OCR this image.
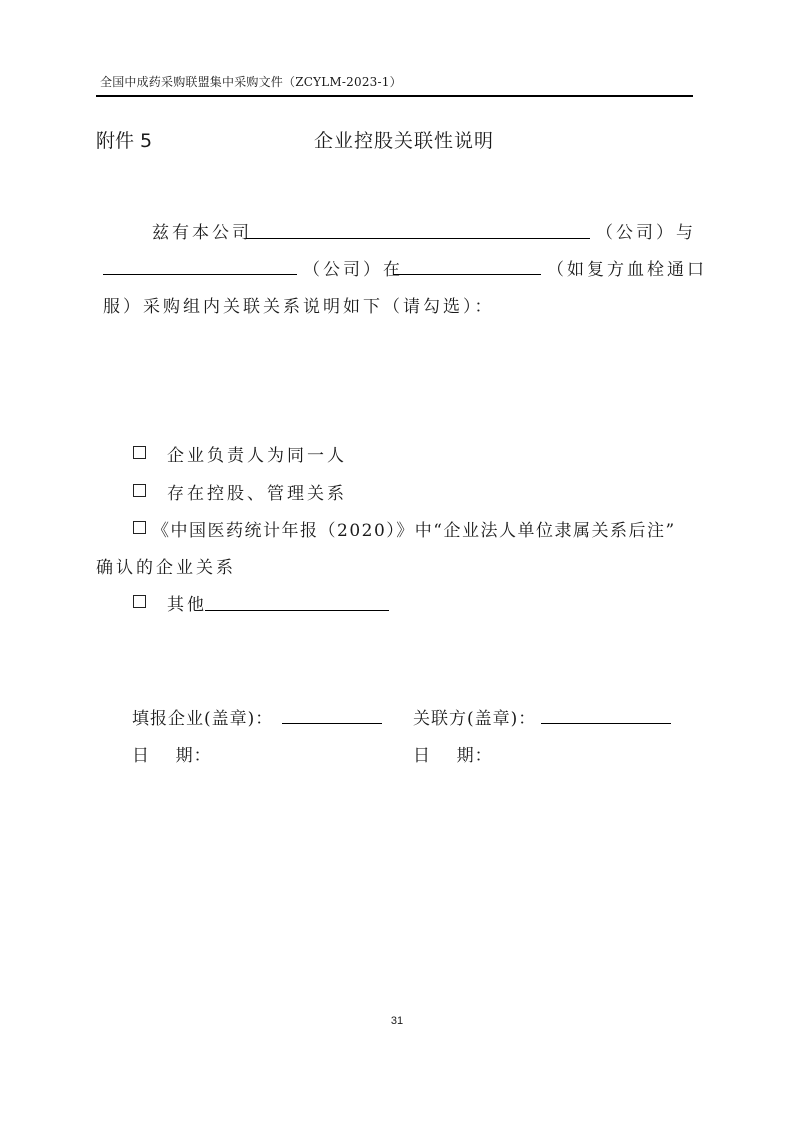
全国中成药采购联盟集中采购文件（ZCYLM-2023-1）
附件 5	企业控股关联性说明
兹有本公司	（公司）与
（公司）在	（如复方血栓通口
服）采购组内关联关系说明如下（请勾选）：
企业负责人为同一人
存在控股、管理关系
《中国医药统计年报（2020）》中“企业法人单位隶属关系后注”
确认的企业关系
其他
填报企业(盖章)：	关联方(盖章)：
日    期：	日    期：
31
